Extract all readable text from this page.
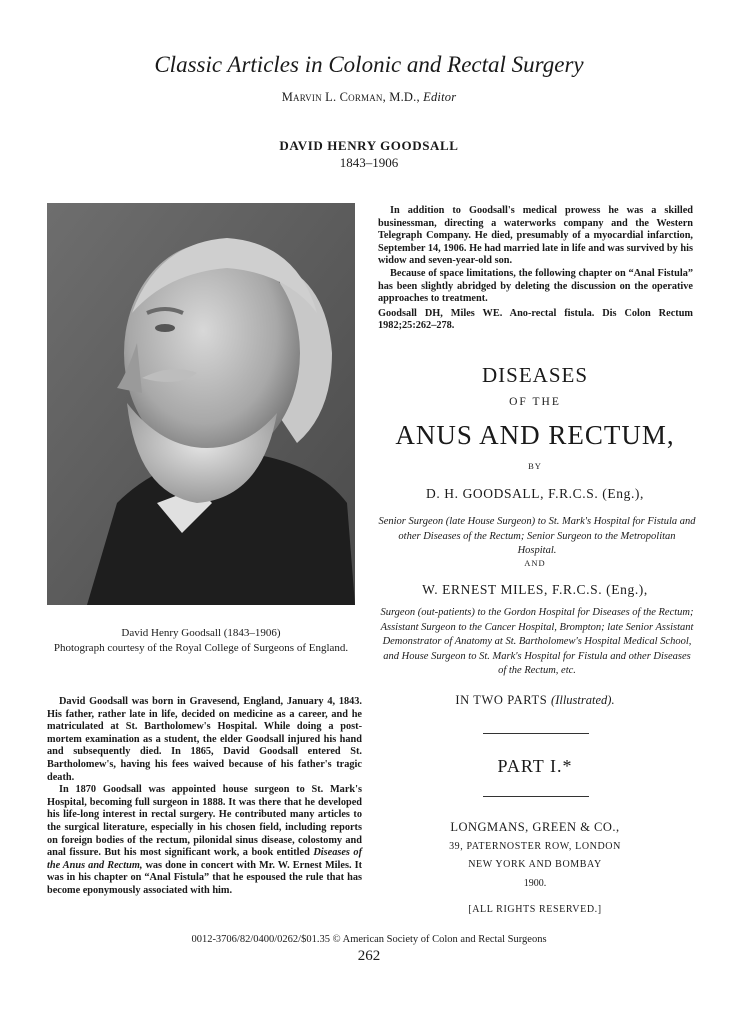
Classic Articles in Colonic and Rectal Surgery
Marvin L. Corman, M.D., Editor
DAVID HENRY GOODSALL
1843–1906
David Henry Goodsall (1843–1906)
Photograph courtesy of the Royal College of Surgeons of England.

David Goodsall was born in Gravesend, England, January 4, 1843. His father, rather late in life, decided on medicine as a career, and he matriculated at St. Bartholomew's Hospital. While doing a post-mortem examination as a student, the elder Goodsall injured his hand and subsequently died. In 1865, David Goodsall entered St. Bartholomew's, having his fees waived because of his father's tragic death.

In 1870 Goodsall was appointed house surgeon to St. Mark's Hospital, becoming full surgeon in 1888. It was there that he developed his life-long interest in rectal surgery. He contributed many articles to the surgical literature, especially in his chosen field, including reports on foreign bodies of the rectum, pilonidal sinus disease, colostomy and anal fissure. But his most significant work, a book entitled Diseases of the Anus and Rectum, was done in concert with Mr. W. Ernest Miles. It was in his chapter on “Anal Fistula” that he espoused the rule that has become eponymously associated with him.

In addition to Goodsall's medical prowess he was a skilled businessman, directing a waterworks company and the Western Telegraph Company. He died, presumably of a myocardial infarction, September 14, 1906. He had married late in life and was survived by his widow and seven-year-old son.

Because of space limitations, the following chapter on “Anal Fistula” has been slightly abridged by deleting the discussion on the operative approaches to treatment.

Goodsall DH, Miles WE. Ano-rectal fistula. Dis Colon Rectum 1982;25:262–278.

DISEASES
OF THE
ANUS AND RECTUM,
BY
D. H. GOODSALL, F.R.C.S. (Eng.),
Senior Surgeon (late House Surgeon) to St. Mark's Hospital for Fistula and other Diseases of the Rectum; Senior Surgeon to the Metropolitan Hospital.
AND
W. ERNEST MILES, F.R.C.S. (Eng.),
Surgeon (out-patients) to the Gordon Hospital for Diseases of the Rectum; Assistant Surgeon to the Cancer Hospital, Brompton; late Senior Assistant Demonstrator of Anatomy at St. Bartholomew's Hospital Medical School, and House Surgeon to St. Mark's Hospital for Fistula and other Diseases of the Rectum, etc.
IN TWO PARTS (Illustrated).
PART I.*
LONGMANS, GREEN & CO.,
39, PATERNOSTER ROW, LONDON
NEW YORK AND BOMBAY
1900.
[ALL RIGHTS RESERVED.]
0012-3706/82/0400/0262/$01.35 © American Society of Colon and Rectal Surgeons
262
